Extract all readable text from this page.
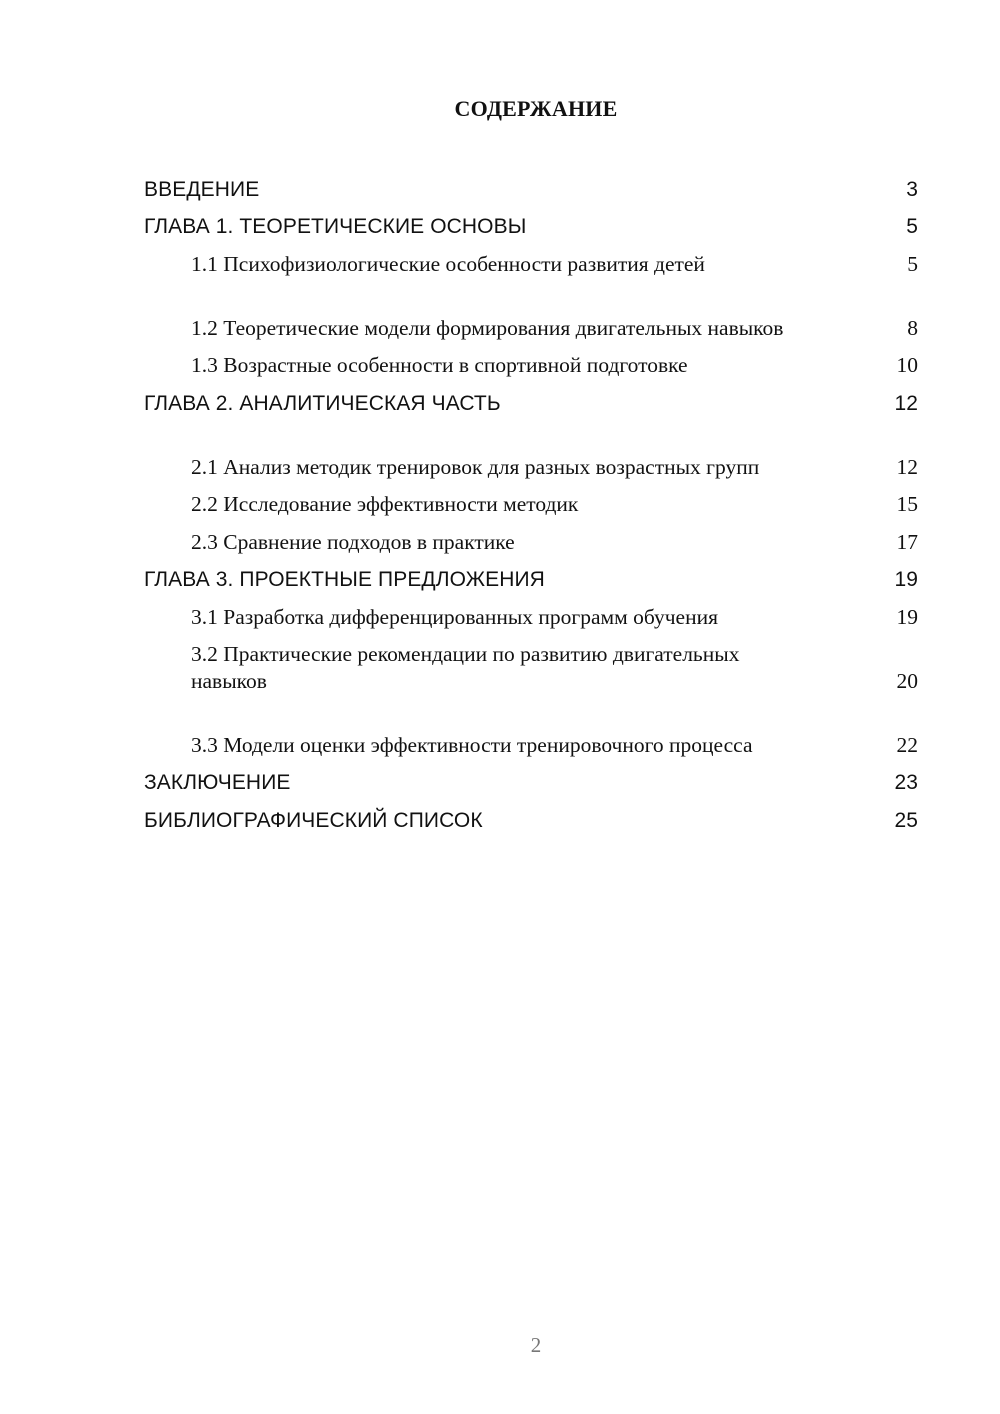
СОДЕРЖАНИЕ
ВВЕДЕНИЕ	3
ГЛАВА 1. ТЕОРЕТИЧЕСКИЕ ОСНОВЫ	5
1.1 Психофизиологические особенности развития детей	5
1.2 Теоретические модели формирования двигательных навыков	8
1.3 Возрастные особенности в спортивной подготовке	10
ГЛАВА 2. АНАЛИТИЧЕСКАЯ ЧАСТЬ	12
2.1 Анализ методик тренировок для разных возрастных групп	12
2.2 Исследование эффективности методик	15
2.3 Сравнение подходов в практике	17
ГЛАВА 3. ПРОЕКТНЫЕ ПРЕДЛОЖЕНИЯ	19
3.1 Разработка дифференцированных программ обучения	19
3.2 Практические рекомендации по развитию двигательных навыков	20
3.3 Модели оценки эффективности тренировочного процесса	22
ЗАКЛЮЧЕНИЕ	23
БИБЛИОГРАФИЧЕСКИЙ СПИСОК	25
2
